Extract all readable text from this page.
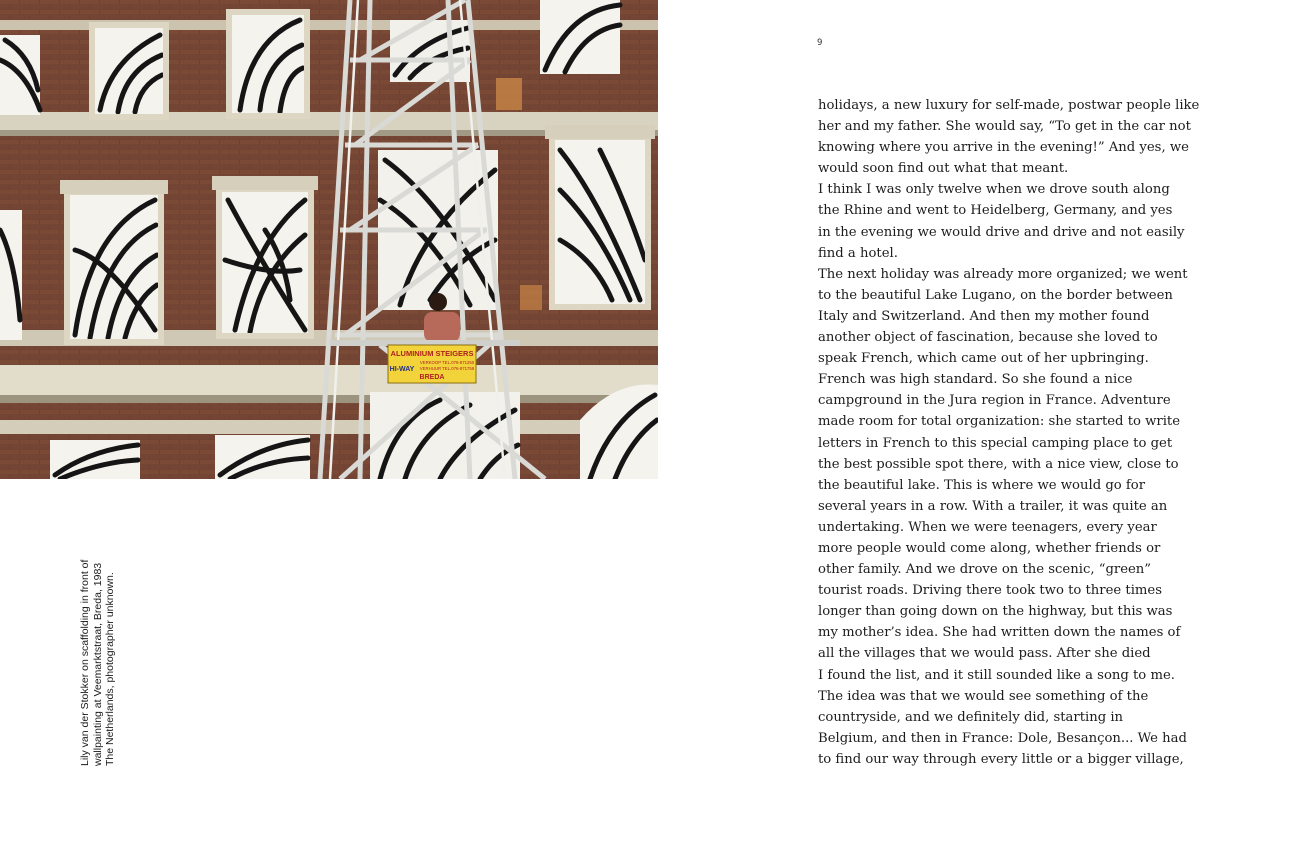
ALUMINIUM STEIGERS
HI-WAY
VERKOOP TEL.076-871250
VERHUUR TEL.076-871759
BREDA
Lily van der Stokker on scaffolding in front of wallpainting at Veemarktstraat, Breda, 1983 The Netherlands, photographer unknown.
9
holidays, a new luxury for self-made, postwar people like
her and my father. She would say, “To get in the car not
knowing where you arrive in the evening!” And yes, we
would soon find out what that meant.
I think I was only twelve when we drove south along
the Rhine and went to Heidelberg, Germany, and yes
in the evening we would drive and drive and not easily
find a hotel.
The next holiday was already more organized; we went
to the beautiful Lake Lugano, on the border between
Italy and Switzerland. And then my mother found
another object of fascination, because she loved to
speak French, which came out of her upbringing.
French was high standard. So she found a nice
campground in the Jura region in France. Adventure
made room for total organization: she started to write
letters in French to this special camping place to get
the best possible spot there, with a nice view, close to
the beautiful lake. This is where we would go for
several years in a row. With a trailer, it was quite an
undertaking. When we were teenagers, every year
more people would come along, whether friends or
other family. And we drove on the scenic, “green”
tourist roads. Driving there took two to three times
longer than going down on the highway, but this was
my mother’s idea. She had written down the names of
all the villages that we would pass. After she died
I found the list, and it still sounded like a song to me.
The idea was that we would see something of the
countryside, and we definitely did, starting in
Belgium, and then in France: Dole, Besançon... We had
to find our way through every little or a bigger village,
